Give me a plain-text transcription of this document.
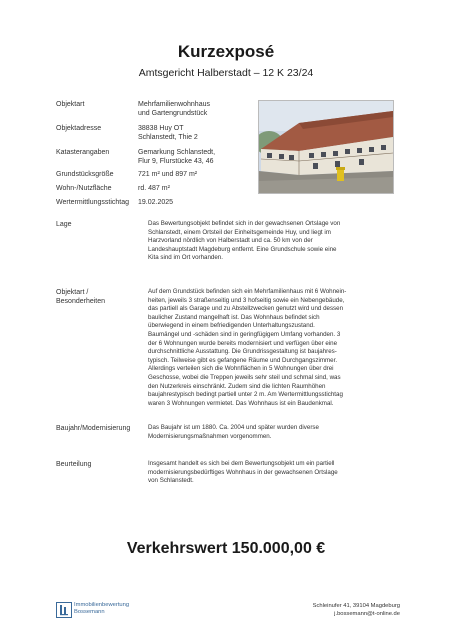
Kurzexposé
Amtsgericht Halberstadt – 12 K 23/24
Objektart	Mehrfamilienwohnhaus
und Gartengrundstück
Objektadresse	38838 Huy OT
Schlanstedt, Thie 2
Katasterangaben	Gemarkung Schlanstedt,
Flur 9, Flurstücke 43, 46
Grundstücksgröße	721 m² und 897 m²
Wohn-/Nutzfläche	rd. 487 m²
Wertermittlungsstichtag 19.02.2025
Lage	Das Bewertungsobjekt befindet sich in der gewachsenen Ortslage von
Schlanstedt, einem Ortsteil der Einheitsgemeinde Huy, und liegt im
Harzvorland nördlich von Halberstadt und ca. 50 km von der
Landeshauptstadt Magdeburg entfernt. Eine Grundschule sowie eine
Kita sind im Ort vorhanden.
Objektart /
Besonderheiten
Auf dem Grundstück befinden sich ein Mehrfamilienhaus mit 6 Wohnein-
heiten, jeweils 3 straßenseitig und 3 hofseitig sowie ein Nebengebäude,
das partiell als Garage und zu Abstellzwecken genutzt wird und dessen
baulicher Zustand mangelhaft ist. Das Wohnhaus befindet sich
überwiegend in einem befriedigenden Unterhaltungszustand.
Baumängel und -schäden sind in geringfügigem Umfang vorhanden. 3
der 6 Wohnungen wurde bereits modernisiert und verfügen über eine
durchschnittliche Ausstattung. Die Grundrissgestaltung ist baujahres-
typisch. Teilweise gibt es gefangene Räume und Durchgangszimmer.
Allerdings verteilen sich die Wohnflächen in 5 Wohnungen über drei
Geschosse, wobei die Treppen jeweils sehr steil und schmal sind, was
den Nutzerkreis einschränkt. Zudem sind die lichten Raumhöhen
baujahrestypisch bedingt partiell unter 2 m. Am Wertermittlungsstichtag
waren 3 Wohnungen vermietet. Das Wohnhaus ist ein Baudenkmal.
Baujahr/Modernisierung	Das Baujahr ist um 1880. Ca. 2004 und später wurden diverse
Modernisierungsmaßnahmen vorgenommen.
Beurteilung	Insgesamt handelt es sich bei dem Bewertungsobjekt um ein partiell
modernisierungsbedürftiges Wohnhaus in der gewachsenen Ortslage
von Schlanstedt.
Verkehrswert 150.000,00 €
Immobilienbewertung
Bossemann
Schleinufer 41, 39104 Magdeburg
j.bossemann@t-online.de
